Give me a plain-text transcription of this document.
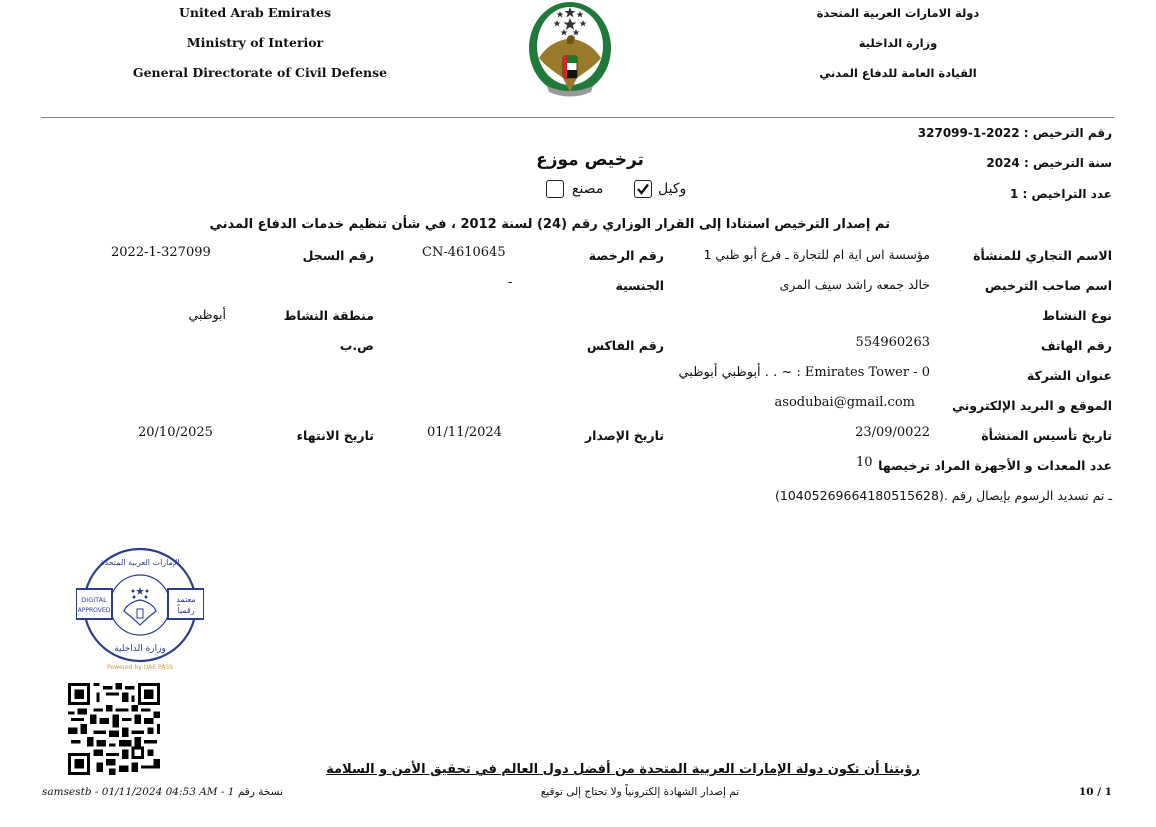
United Arab Emirates
Ministry of Interior
General Directorate of Civil Defense
دولة الامارات العربية المتحدة
وزارة الداخلية
القيادة العامة للدفاع المدني
رقم الترخيص : 327099-1-2022
سنة الترخيص : 2024
عدد التراخيص : 1
ترخيص موزع
وكيل
مصنع
تم إصدار الترخيص استنادا إلى القرار الوزاري رقم (24) لسنة 2012 ، في شأن تنظيم خدمات الدفاع المدني
الاسم التجاري للمنشأة
مؤسسة اس اية ام للتجارة ـ فرع أبو ظبي 1
رقم الرخصة
CN-4610645
رقم السجل
2022-1-327099
اسم صاحب الترخيص
خالد جمعه راشد سيف المرى
الجنسية
-
نوع النشاط
منطقة النشاط
أبوظبي
رقم الهاتف
554960263
رقم الفاكس
ص.ب
عنوان الشركة
Emirates Tower - 0 : ~ . . أبوظبي أبوظبي
الموقع و البريد الإلكتروني
asodubai@gmail.com
تاريخ تأسيس المنشأة
23/09/0022
تاريخ الإصدار
01/11/2024
تاريخ الانتهاء
20/10/2025
عدد المعدات و الأجهزة المراد ترخيصها
10
ـ تم تسديد الرسوم بإيصال رقم .(10405269664180515628)
DIGITAL
APPROVED
معتمد
رقمياً
الإمارات العربية المتحدة
وزارة الداخلية
Powered by UAE PASS
رؤيتنا أن تكون دولة الإمارات العربية المتحدة من أفضل دول العالم في تحقيق الأمن و السلامة
samsestb - 01/11/2024 04:53 AM - 1 نسخة رقم	تم إصدار الشهادة إلكترونياً ولا تحتاج إلى توقيع	10 / 1
